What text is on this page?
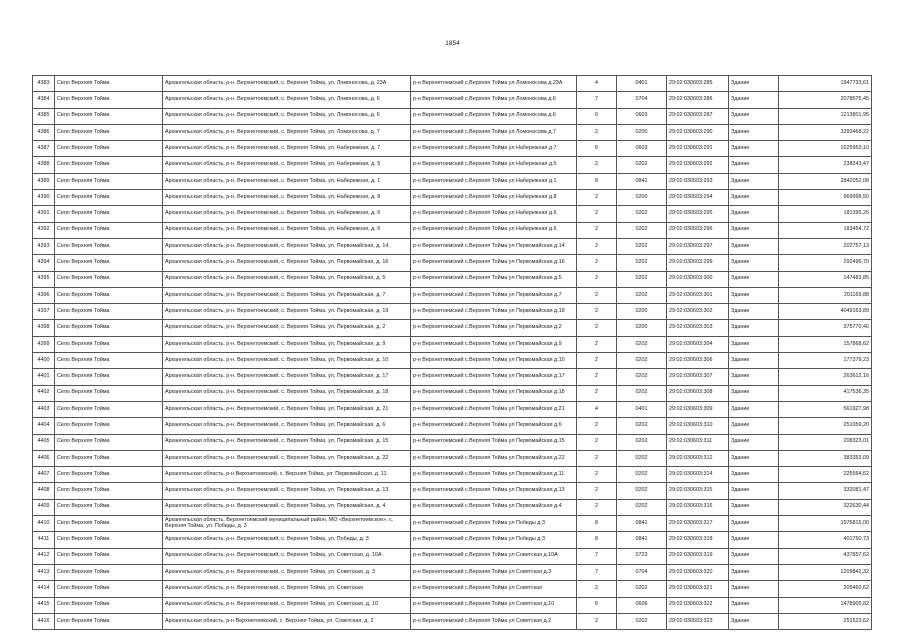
1854
4383	Село Верхняя Тойма	Архангельская область, р-н. Верхнетоемский, с. Верхняя Тойма, ул. Ломоносова, д. 23А	р-н Верхнетоемский с.Верхняя Тойма ул Ломоносова д.23А	4	0401	29:02:030603:285	Здание	1947733,61
4384	Село Верхняя Тойма	Архангельская область, р-н. Верхнетоемский, с. Верхняя Тойма, ул. Ломоносова, д. 6	р-н Верхнетоемский с.Верхняя Тойма ул Ломоносова д.6	7	0704	29:02:030603:286	Здание	2078575,45
4385	Село Верхняя Тойма	Архангельская область, р-н. Верхнетоемский, с. Верхняя Тойма, ул. Ломоносова, д. 6	р-н Верхнетоемский с.Верхняя Тойма ул Ломоносова д.6	6	0603	29:02:030603:287	Здание	1213801,95
4386	Село Верхняя Тойма	Архангельская область, р-н. Верхнетоемский, с. Верхняя Тойма, ул. Ломоносова, д. 7	р-н Верхнетоемский с.Верхняя Тойма ул Ломоносова д.7	2	0200	29:02:030603:290	Здание	3293468,22
4387	Село Верхняя Тойма	Архангельская область, р-н. Верхнетоемский, с. Верхняя Тойма, ул. Набережная, д. 7	р-н Верхнетоемский с.Верхняя Тойма ул Набережная д.7	6	0603	29:02:030603:291	Здание	1025953,10
4388	Село Верхняя Тойма	Архангельская область, р-н. Верхнетоемский, с. Верхняя Тойма, ул. Набережная, д. 5	р-н Верхнетоемский с.Верхняя Тойма ул Набережная д.5	2	0202	29:02:030603:292	Здание	238243,47
4389	Село Верхняя Тойма	Архангельская область, р-н. Верхнетоемский, с. Верхняя Тойма, ул. Набережная, д. 1	р-н Верхнетоемский с.Верхняя Тойма ул Набережная д.1	8	0841	29:02:030603:293	Здание	2842052,08
4390	Село Верхняя Тойма	Архангельская область, р-н. Верхнетоемский, с. Верхняя Тойма, ул. Набережная, д. 8	р-н Верхнетоемский с.Верхняя Тойма ул Набережная д.8	2	0200	29:02:030603:294	Здание	969998,50
4391	Село Верхняя Тойма	Архангельская область, р-н. Верхнетоемский, с. Верхняя Тойма, ул. Набережная, д. 6	р-н Верхнетоемский с.Верхняя Тойма ул Набережная д.6	2	0202	29:02:030603:295	Здание	181395,26
4392	Село Верхняя Тойма	Архангельская область, р-н. Верхнетоемский, с. Верхняя Тойма, ул. Набережная, д. 6	р-н Верхнетоемский с.Верхняя Тойма ул Набережная д.6	2	0202	29:02:030603:296	Здание	183454,72
4393	Село Верхняя Тойма	Архангельская область, р-н. Верхнетоемский, с. Верхняя Тойма, ул. Первомайская, д. 14	р-н Верхнетоемский с.Верхняя Тойма ул Первомайская д.14	2	0202	29:02:030603:297	Здание	202757,13
4394	Село Верхняя Тойма	Архангельская область, р-н. Верхнетоемский, с. Верхняя Тойма, ул. Первомайская, д. 16	р-н Верхнетоемский с.Верхняя Тойма ул Первомайская д.16	2	0202	29:02:030603:299	Здание	292496,70
4395	Село Верхняя Тойма	Архангельская область, р-н. Верхнетоемский, с. Верхняя Тойма, ул. Первомайская, д. 5	р-н Верхнетоемский с.Верхняя Тойма ул Первомайская д.5	2	0202	29:02:030603:300	Здание	147483,85
4396	Село Верхняя Тойма	Архангельская область, р-н. Верхнетоемский, с. Верхняя Тойма, ул. Первомайская, д. 7	р-н Верхнетоемский с.Верхняя Тойма ул Первомайская д.7	2	0202	29:02:030603:301	Здание	201169,88
4397	Село Верхняя Тойма	Архангельская область, р-н. Верхнетоемский, с. Верхняя Тойма, ул. Первомайская, д. 19	р-н Верхнетоемский с.Верхняя Тойма ул Первомайская д.19	2	0200	29:02:030603:302	Здание	4049163,89
4398	Село Верхняя Тойма	Архангельская область, р-н. Верхнетоемский, с. Верхняя Тойма, ул. Первомайская, д. 2	р-н Верхнетоемский с.Верхняя Тойма ул Первомайская д.2	2	0200	29:02:030603:303	Здание	375770,40
4399	Село Верхняя Тойма	Архангельская область, р-н. Верхнетоемский, с. Верхняя Тойма, ул. Первомайская, д. 9	р-н Верхнетоемский с.Верхняя Тойма ул Первомайская д.9	2	0202	29:02:030603:304	Здание	157868,62
4400	Село Верхняя Тойма	Архангельская область, р-н. Верхнетоемский, с. Верхняя Тойма, ул. Первомайская, д. 10	р-н Верхнетоемский с.Верхняя Тойма ул Первомайская д.10	2	0202	29:02:030603:306	Здание	177379,23
4401	Село Верхняя Тойма	Архангельская область, р-н. Верхнетоемский, с. Верхняя Тойма, ул. Первомайская, д. 17	р-н Верхнетоемский с.Верхняя Тойма ул Первомайская д.17	2	0202	29:02:030603:307	Здание	263612,16
4402	Село Верхняя Тойма	Архангельская область, р-н. Верхнетоемский, с. Верхняя Тойма, ул. Первомайская, д. 18	р-н Верхнетоемский с.Верхняя Тойма ул Первомайская д.18	2	0202	29:02:030603:308	Здание	417536,35
4403	Село Верхняя Тойма	Архангельская область, р-н. Верхнетоемский, с. Верхняя Тойма, ул. Первомайская, д. 21	р-н Верхнетоемский с.Верхняя Тойма ул Первомайская д.21	4	0401	29:02:030603:309	Здание	561927,98
4404	Село Верхняя Тойма	Архангельская область, р-н. Верхнетоемский, с. Верхняя Тойма, ул. Первомайская, д. 6	р-н Верхнетоемский с.Верхняя Тойма ул Первомайская д.6	2	0202	29:02:030603:310	Здание	251059,20
4405	Село Верхняя Тойма	Архангельская область, р-н. Верхнетоемский, с. Верхняя Тойма, ул. Первомайская, д. 15	р-н Верхнетоемский с.Верхняя Тойма ул Первомайская д.15	2	0202	29:02:030603:311	Здание	208323,01
4406	Село Верхняя Тойма	Архангельская область, р-н. Верхнетоемский, с. Верхняя Тойма, ул. Первомайская, д. 22	р-н Верхнетоемский с.Верхняя Тойма ул Первомайская д.22	2	0202	29:02:030603:312	Здание	383353,09
4407	Село Верхняя Тойма	Архангельская область, р-н Верхнетоемский, с. Верхняя Тойма, ул. Первомайская, д. 11	р-н Верхнетоемский с.Верхняя Тойма ул Первомайская д.11	2	0202	29:02:030603:314	Здание	225564,62
4408	Село Верхняя Тойма	Архангельская область, р-н. Верхнетоемский, с. Верхняя Тойма, ул. Первомайская, д. 13	р-н Верхнетоемский с.Верхняя Тойма ул Первомайская д.13	2	0202	29:02:030603:315	Здание	332081,47
4409	Село Верхняя Тойма	Архангельская область, р-н. Верхнетоемский, с. Верхняя Тойма, ул. Первомайская, д. 4	р-н Верхнетоемский с.Верхняя Тойма ул Первомайская д.4	2	0202	29:02:030603:316	Здание	322630,44
4410	Село Верхняя Тойма	Архангельская область, Верхнетоемский муниципальный район, МО «Верхнетоемское», с. Верхняя Тойма, ул. Победы, д. 3	р-н Верхнетоемский с.Верхняя Тойма ул Победы д.3	8	0841	29:02:030603:317	Здание	1575815,00
4411	Село Верхняя Тойма	Архангельская область, р-н. Верхнетоемский, с. Верхняя Тойма, ул. Победы, д. 3	р-н Верхнетоемский с.Верхняя Тойма ул Победы д.3	8	0841	29:02:030603:318	Здание	401750,73
4412	Село Верхняя Тойма	Архангельская область, р-н. Верхнетоемский, с. Верхняя Тойма, ул. Советская, д. 10А	р-н Верхнетоемский с.Верхняя Тойма ул Советская д.10А	7	0723	29:02:030603:319	Здание	437857,62
4413	Село Верхняя Тойма	Архангельская область, р-н. Верхнетоемский, с. Верхняя Тойма, ул. Советская, д. 3	р-н Верхнетоемский с.Верхняя Тойма ул Советская д.3	7	0704	29:02:030603:320	Здание	1209842,32
4414	Село Верхняя Тойма	Архангельская область, р-н. Верхнетоемский, с. Верхняя Тойма, ул. Советская	р-н Верхнетоемский с.Верхняя Тойма ул Советская	2	0202	29:02:030603:321	Здание	205460,62
4415	Село Верхняя Тойма	Архангельская область, р-н. Верхнетоемский, с. Верхняя Тойма, ул. Советская, д. 10	р-н Верхнетоемский с.Верхняя Тойма ул Советская д.10	6	0606	29:02:030603:322	Здание	1478905,82
4416	Село Верхняя Тойма	Архангельская область, р-н Верхнетоемский, с. Верхняя Тойма, ул. Советская, д. 2	р-н Верхнетоемский с.Верхняя Тойма ул Советская д.2	2	0202	29:02:030603:323	Здание	251523,62
